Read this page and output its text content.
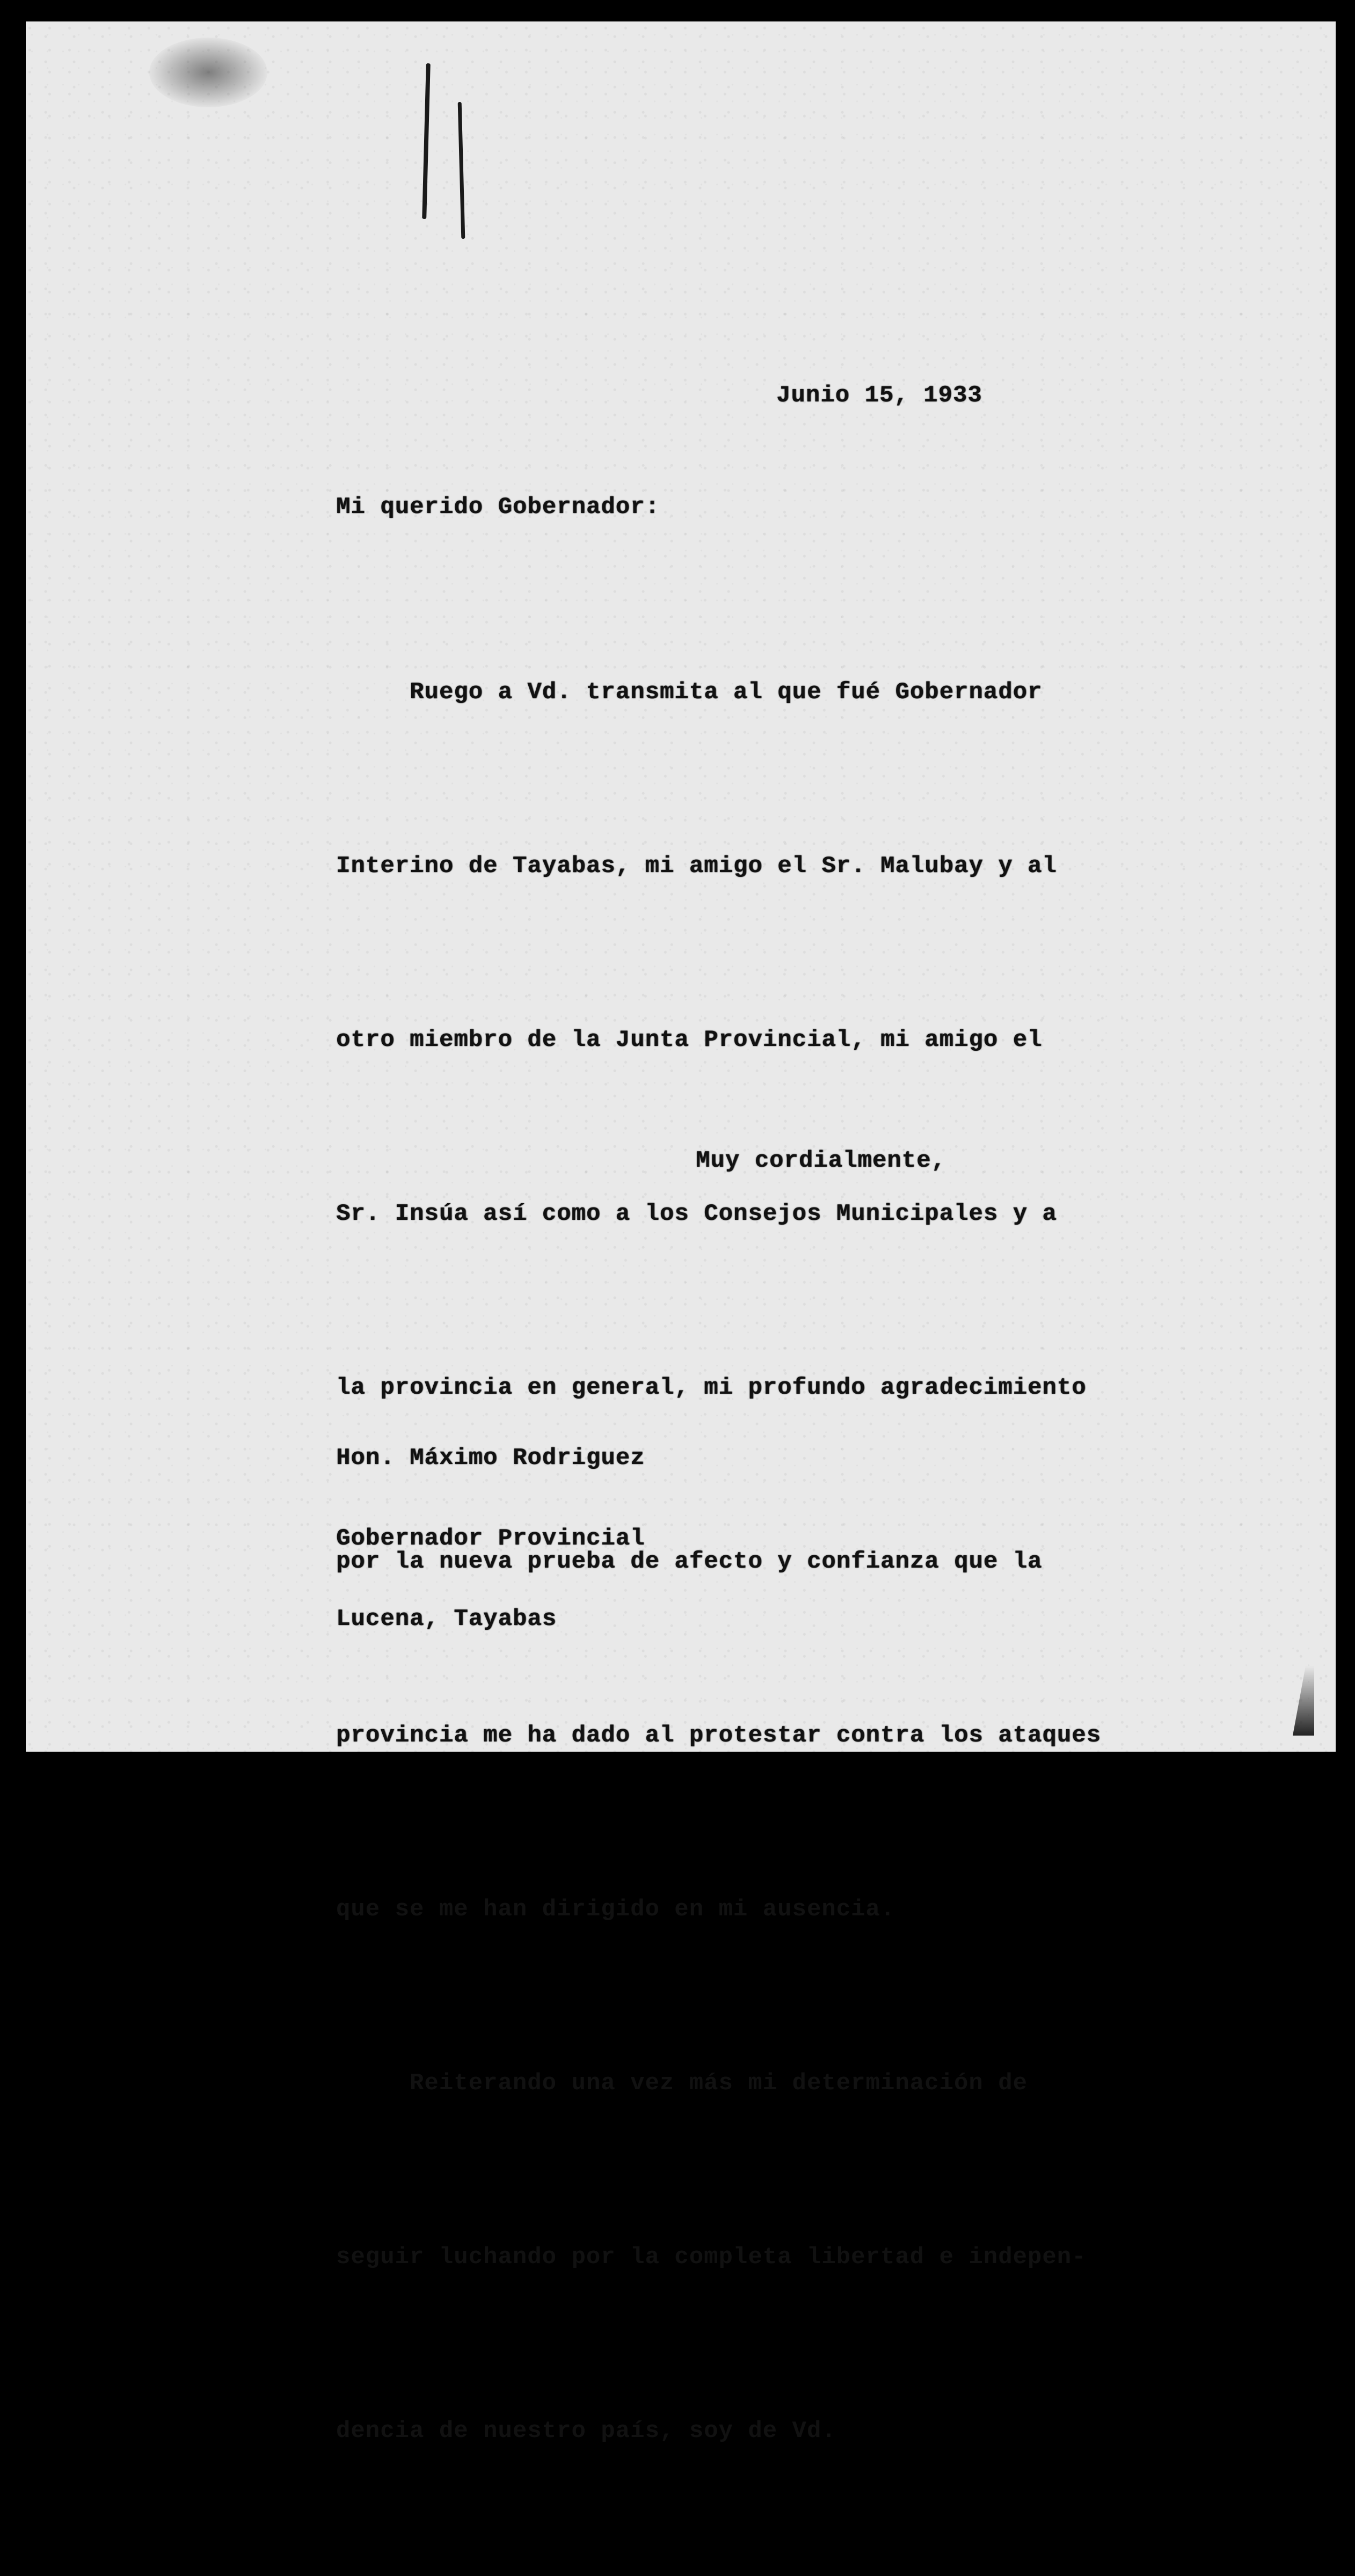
Junio 15, 1933
Mi querido Gobernador:

Ruego a Vd. transmita al que fué Gobernador

Interino de Tayabas, mi amigo el Sr. Malubay y al

otro miembro de la Junta Provincial, mi amigo el

Sr. Insúa así como a los Consejos Municipales y a

la provincia en general, mi profundo agradecimiento

por la nueva prueba de afecto y confianza que la

provincia me ha dado al protestar contra los ataques

que se me han dirigido en mi ausencia.

Reiterando una vez más mi determinación de

seguir luchando por la completa libertad e indepen-

dencia de nuestro país, soy de Vd.

Muy cordialmente,

Hon. Máximo Rodriguez

Gobernador Provincial

Lucena, Tayabas
